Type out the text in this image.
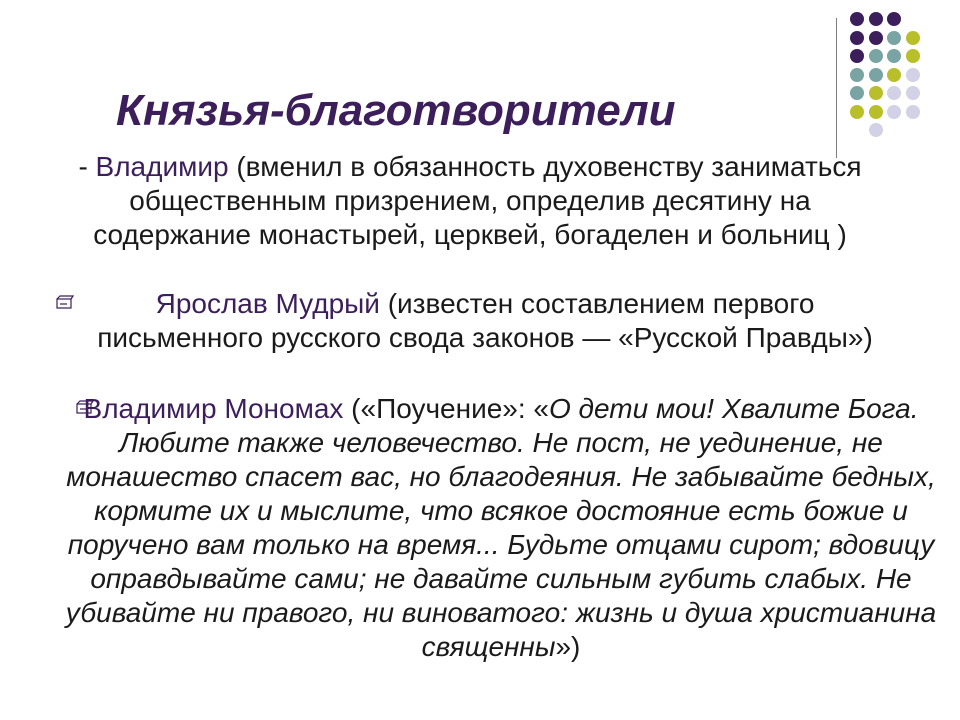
Князья-благотворители
- Владимир (вменил в обязанность духовенству заниматься общественным призрением, определив десятину на содержание монастырей, церквей, богаделен и больниц )
Ярослав Мудрый (известен составлением первого письменного русского свода законов — «Русской Правды»)
Владимир Мономах («Поучение»: «О дети мои! Хвалите Бога. Любите также человечество. Не пост, не уединение, не монашество спасет вас, но благодеяния. Не забывайте бедных, кормите их и мыслите, что всякое достояние есть божие и поручено вам только на время... Будьте отцами сирот; вдовицу оправдывайте сами; не давайте сильным губить слабых. Не убивайте ни правого, ни виноватого: жизнь и душа христианина священны»)
